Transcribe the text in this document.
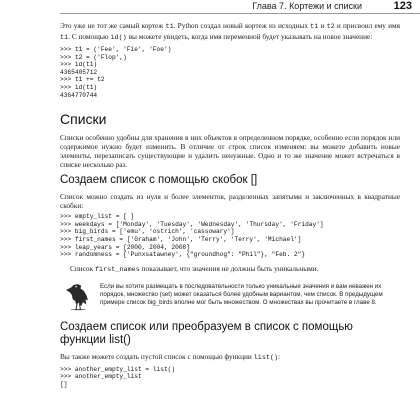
Глава 7. Кортежи и списки	123

Это уже не тот же самый кортеж t1. Python создал новый кортеж из исходных t1 и t2 и присвоил ему имя t1. С помощью id() вы можете увидеть, когда имя переменной будет указывать на новое значение:

>>> t1 = ('Fee', 'Fie', 'Foe')
>>> t2 = ('Flop',)
>>> id(t1)
4365405712
>>> t1 += t2
>>> id(t1)
4364770744
Списки

Списки особенно удобны для хранения в них объектов в определенном порядке, особенно если порядок или содержимое нужно будет изменить. В отличие от строк список изменяем: вы можете добавить новые элементы, перезаписать существующие и удалить ненужные. Одно и то же значение может встречаться в списке несколько раз.

Создаем список с помощью скобок []

Список можно создать из нуля и более элементов, разделенных запятыми и заключенных в квадратные скобки:

>>> empty_list = [ ]
>>> weekdays = ['Monday', 'Tuesday', 'Wednesday', 'Thursday', 'Friday']
>>> big_birds = ['emu', 'ostrich', 'cassowary']
>>> first_names = ['Graham', 'John', 'Terry', 'Terry', 'Michael']
>>> leap_years = [2000, 2004, 2008]
>>> randomness = ['Punxsatawney', {"groundhog": "Phil"}, "Feb. 2"}

Список first_names показывает, что значения не должны быть уникальными.

Если вы хотите размещать в последовательности только уникальные значения и вам неважен их порядок, множество (set) может оказаться более удобным вариантом, чем список. В предыдущем примере список big_birds вполне мог быть множеством. О множествах вы прочитаете в главе 8.
Создаем список или преобразуем в список с помощью функции list()

Вы также можете создать пустой список с помощью функции list():

>>> another_empty_list = list()
>>> another_empty_list
[]
